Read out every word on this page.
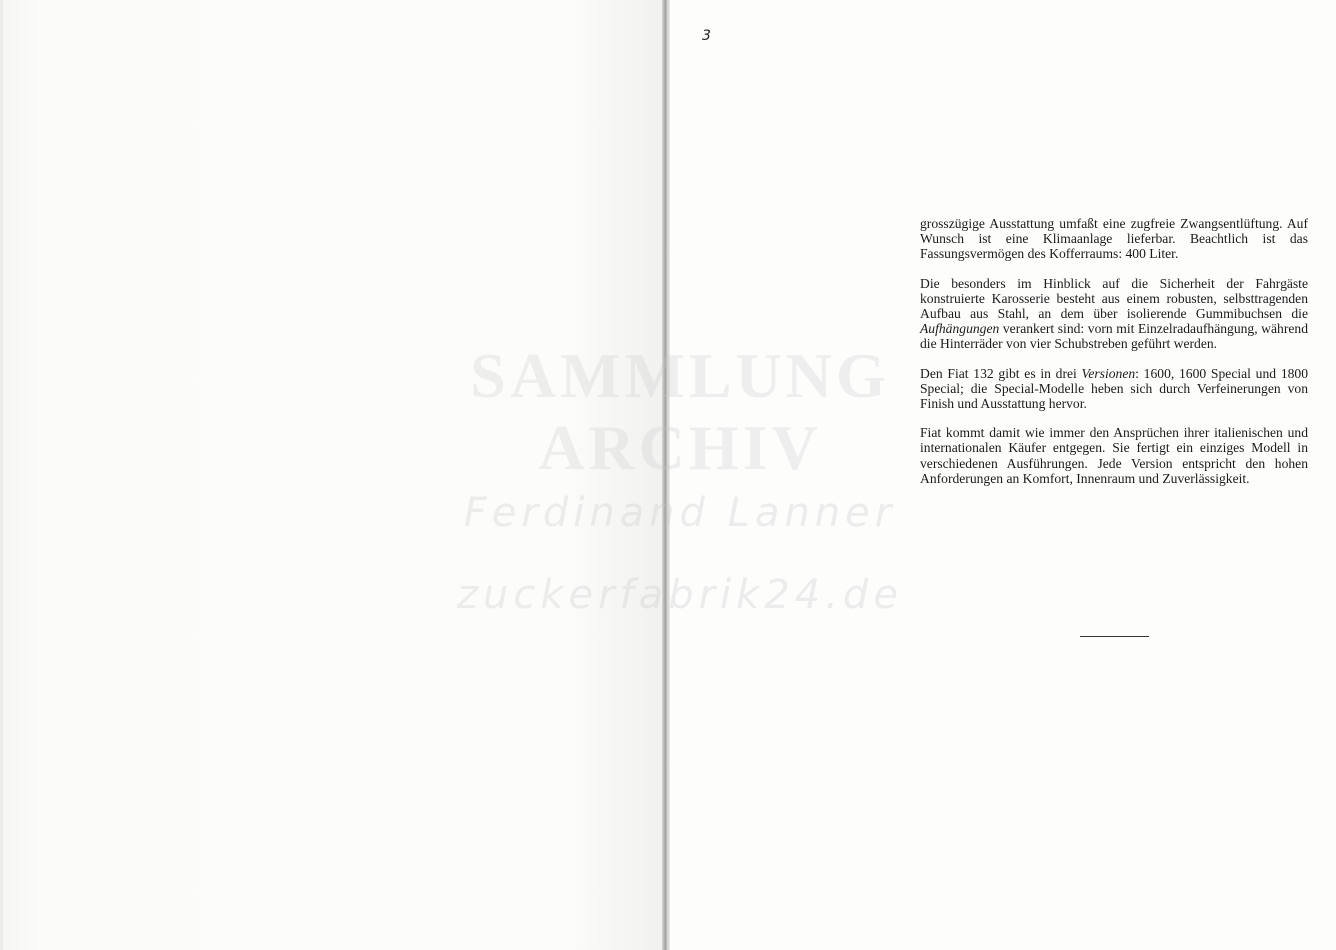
3

grosszügige Ausstattung umfaßt eine zugfreie Zwangsentlüftung. Auf Wunsch ist eine Klimaanlage lieferbar. Beachtlich ist das Fassungsvermögen des Kofferraums: 400 Liter.

Die besonders im Hinblick auf die Sicherheit der Fahrgäste konstruierte Karosserie besteht aus einem robusten, selbsttragenden Aufbau aus Stahl, an dem über isolierende Gummibuchsen die Aufhängungen verankert sind: vorn mit Einzelradaufhängung, während die Hinterräder von vier Schubstreben geführt werden.

Den Fiat 132 gibt es in drei Versionen: 1600, 1600 Special und 1800 Special; die Special-Modelle heben sich durch Verfeinerungen von Finish und Ausstattung hervor.

Fiat kommt damit wie immer den Ansprüchen ihrer italienischen und internationalen Käufer entgegen. Sie fertigt ein einziges Modell in verschiedenen Ausführungen. Jede Version entspricht den hohen Anforderungen an Komfort, Innenraum und Zuverlässigkeit.

SAMMLUNG
ARCHIV
Ferdinand Lanner
zuckerfabrik24.de
